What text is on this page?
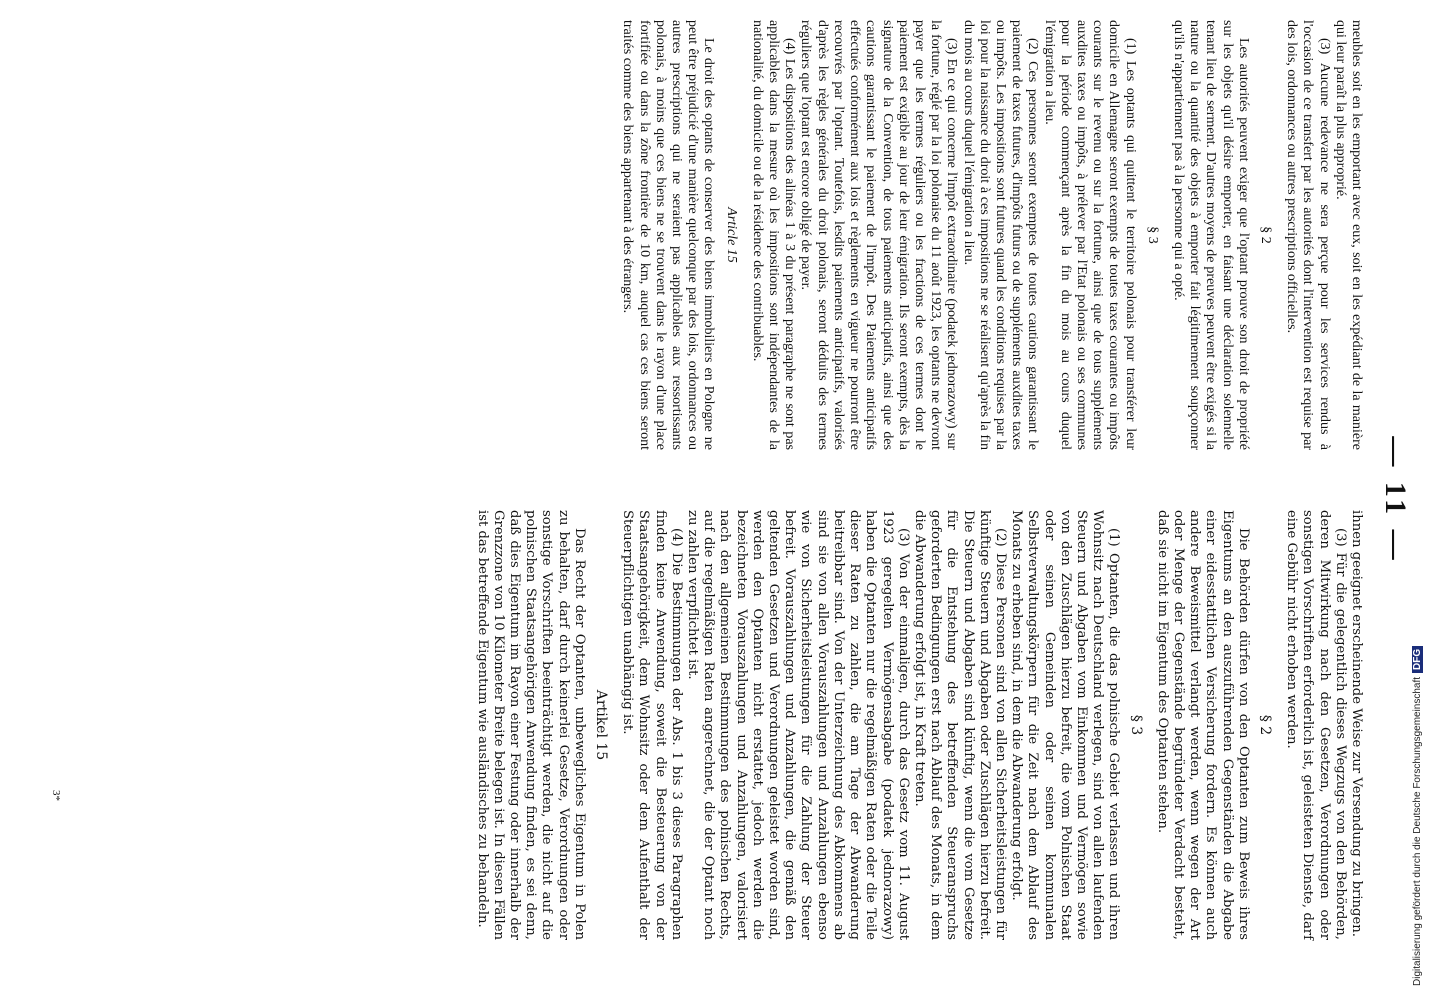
— 11 —

meubles soit en les emportant avec eux, soit en les expédiant de la manière qui leur paraît la plus approprié.

(3) Aucune redevance ne sera perçue pour les services rendus à l'occasion de ce transfert par les autorités dont l'intervention est requise par des lois, ordonnances ou autres prescriptions officielles.

§ 2

Les autorités peuvent exiger que l'optant prouve son droit de propriété sur les objets qu'il désire emporter, en faisant une déclaration solennelle tenant lieu de serment. D'autres moyens de preuves peuvent être exigés si la nature ou la quantité des objets à emporter fait légitimement soupçonner qu'ils n'appartiennent pas à la personne qui a opté.

§ 3

(1) Les optants qui quittent le territoire polonais pour transférer leur domicile en Allemagne seront exempts de toutes taxes courantes ou impôts courants sur le revenu ou sur la fortune, ainsi que de tous suppléments auxdites taxes ou impôts, à prélever par l'Etat polonais ou ses communes pour la période commençant après la fin du mois au cours duquel l'émigration a lieu.

(2) Ces personnes seront exemptes de toutes cautions garantissant le paiement de taxes futures, d'impôts futurs ou de suppléments auxdites taxes ou impôts. Les impositions sont futures quand les conditions requises par la loi pour la naissance du droit à ces impositions ne se réalisent qu'après la fin du mois au cours duquel l'émigration a lieu.

(3) En ce qui concerne l'impôt extraordinaire (podatek jednorazowy) sur la fortune, réglé par la loi polonaise du 11 août 1923, les optants ne devront payer que les termes réguliers ou les fractions de ces termes dont le paiement est exigible au jour de leur émigration. Ils seront exempts, dès la signature de la Convention, de tous paiements anticipatifs, ainsi que des cautions garantissant le paiement de l'impôt. Des Paiements anticipatifs effectués conformément aux lois et règlements en vigueur ne pourront être recouvrés par l'optant. Toutefois, lesdits paiements anticipatifs, valorisés d'après les règles générales du droit polonais, seront déduits des termes réguliers que l'optant est encore obligé de payer.

(4) Les dispositions des alinéas 1 à 3 du présent paragraphe ne sont pas applicables dans la mesure où les impositions sont indépendantes de la nationalité, du domicile ou de la résidence des contribuables.

Article 15

Le droit des optants de conserver des biens immobiliers en Pologne ne peut être préjudicié d'une manière quelconque par des lois, ordonnances ou autres prescriptions qui ne seraient pas applicables aux ressortissants polonais, à moins que ces biens ne se trouvent dans le rayon d'une place fortifiée ou dans la zône frontière de 10 km, auquel cas ces biens seront traités comme des biens appartenant à des étrangers.

ihnen geeignet erscheinende Weise zur Versendung zu bringen.

(3) Für die gelegentlich dieses Wegzugs von den Behörden, deren Mitwirkung nach den Gesetzen, Verordnungen oder sonstigen Vorschriften erforderlich ist, geleisteten Dienste, darf eine Gebühr nicht erhoben werden.

§ 2

Die Behörden dürfen von den Optanten zum Beweis ihres Eigentums an den auszuführenden Gegenständen die Abgabe einer eidesstattlichen Versicherung fordern. Es können auch andere Beweismittel verlangt werden, wenn wegen der Art oder Menge der Gegenstände begründeter Verdacht besteht, daß sie nicht im Eigentum des Optanten stehen.

§ 3

(1) Optanten, die das polnische Gebiet verlassen und ihren Wohnsitz nach Deutschland verlegen, sind von allen laufenden Steuern und Abgaben vom Einkommen und Vermögen sowie von den Zuschlägen hierzu befreit, die vom Polnischen Staat oder seinen Gemeinden oder seinen kommunalen Selbstverwaltungskörpern für die Zeit nach dem Ablauf des Monats zu erheben sind, in dem die Abwanderung erfolgt.

(2) Diese Personen sind von allen Sicherheitsleistungen für künftige Steuern und Abgaben oder Zuschlägen hierzu befreit. Die Steuern und Abgaben sind künftig, wenn die vom Gesetze für die Entstehung des betreffenden Steueranspruchs geforderten Bedingungen erst nach Ablauf des Monats, in dem die Abwanderung erfolgt ist, in Kraft treten.

(3) Von der einmaligen, durch das Gesetz vom 11. August 1923 geregelten Vermögensabgabe (podatek jednorazowy) haben die Optanten nur die regelmäßigen Raten oder die Teile dieser Raten zu zahlen, die am Tage der Abwanderung beitreibbar sind. Von der Unterzeichnung des Abkommens ab sind sie von allen Vorauszahlungen und Anzahlungen ebenso wie von Sicherheitsleistungen für die Zahlung der Steuer befreit. Vorauszahlungen und Anzahlungen, die gemäß den geltenden Gesetzen und Verordnungen geleistet worden sind, werden den Optanten nicht erstattet, jedoch werden die bezeichneten Vorauszahlungen und Anzahlungen, valorisiert nach den allgemeinen Bestimmungen des polnischen Rechts, auf die regelmäßigen Raten angerechnet, die der Optant noch zu zahlen verpflichtet ist.

(4) Die Bestimmungen der Abs. 1 bis 3 dieses Paragraphen finden keine Anwendung, soweit die Besteuerung von der Staatsangehörigkeit, dem Wohnsitz oder dem Aufenthalt der Steuerpflichtigen unabhängig ist.

Artikel 15

Das Recht der Optanten, unbewegliches Eigentum in Polen zu behalten, darf durch keinerlei Gesetze, Verordnungen oder sonstige Vorschriften beeinträchtigt werden, die nicht auf die polnischen Staatsangehörigen Anwendung finden, es sei denn, daß dies Eigentum im Rayon einer Festung oder innerhalb der Grenzzone von 10 Kilometer Breite belegen ist. In diesen Fällen ist das betreffende Eigentum wie ausländisches zu behandeln.

3*	Digitalisierung gefördert durch die Deutsche ForschungsgemeinschaftDFG
